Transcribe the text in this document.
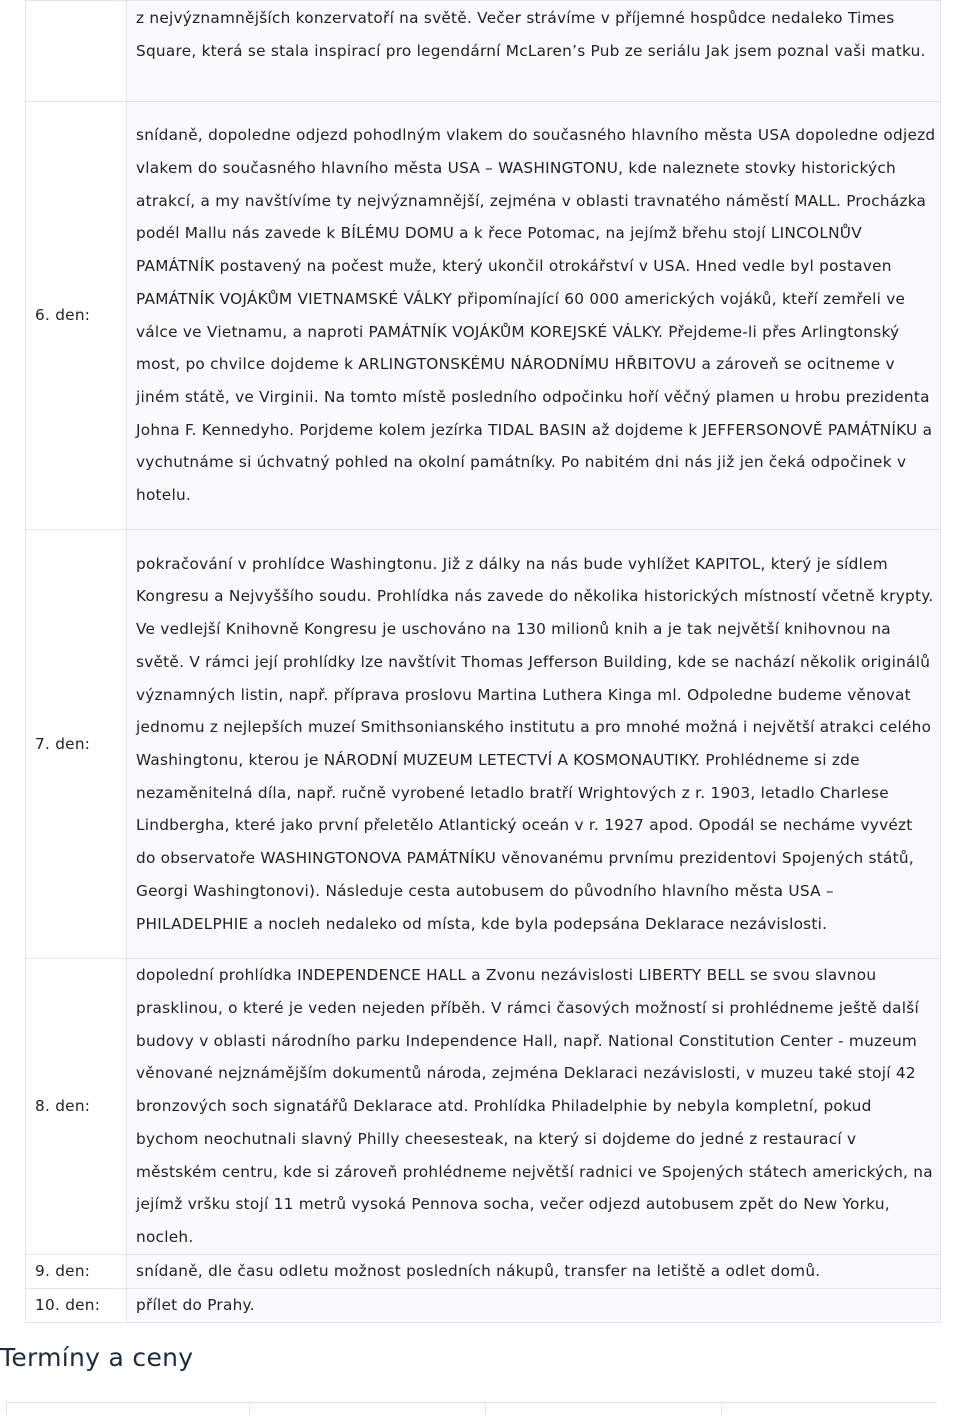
	z nejvýznamnějších konzervatoří na světě. Večer strávíme v příjemné hospůdce nedaleko Times Square, která se stala inspirací pro legendární McLaren’s Pub ze seriálu Jak jsem poznal vaši matku.
6. den:	snídaně, dopoledne odjezd pohodlným vlakem do současného hlavního města USA dopoledne odjezd vlakem do současného hlavního města USA – WASHINGTONU, kde naleznete stovky historických atrakcí, a my navštívíme ty nejvýznamnější, zejména v oblasti travnatého náměstí MALL. Procházka podél Mallu nás zavede k BÍLÉMU DOMU a k řece Potomac, na jejímž břehu stojí LINCOLNŮV PAMÁTNÍK postavený na počest muže, který ukončil otrokářství v USA. Hned vedle byl postaven PAMÁTNÍK VOJÁKŮM VIETNAMSKÉ VÁLKY připomínající 60 000 amerických vojáků, kteří zemřeli ve válce ve Vietnamu, a naproti PAMÁTNÍK VOJÁKŮM KOREJSKÉ VÁLKY. Přejdeme-li přes Arlingtonský most, po chvilce dojdeme k ARLINGTONSKÉMU NÁRODNÍMU HŘBITOVU a zároveň se ocitneme v jiném státě, ve Virginii. Na tomto místě posledního odpočinku hoří věčný plamen u hrobu prezidenta Johna F. Kennedyho. Porjdeme kolem jezírka TIDAL BASIN až dojdeme k JEFFERSONOVĚ PAMÁTNÍKU a vychutnáme si úchvatný pohled na okolní památníky. Po nabitém dni nás již jen čeká odpočinek v hotelu.
7. den:	pokračování v prohlídce Washingtonu. Již z dálky na nás bude vyhlížet KAPITOL, který je sídlem Kongresu a Nejvyššího soudu. Prohlídka nás zavede do několika historických místností včetně krypty. Ve vedlejší Knihovně Kongresu je uschováno na 130 milionů knih a je tak největší knihovnou na světě. V rámci její prohlídky lze navštívit Thomas Jefferson Building, kde se nachází několik originálů významných listin, např. příprava proslovu Martina Luthera Kinga ml. Odpoledne budeme věnovat jednomu z nejlepších muzeí Smithsonianského institutu a pro mnohé možná i největší atrakci celého Washingtonu, kterou je NÁRODNÍ MUZEUM LETECTVÍ A KOSMONAUTIKY. Prohlédneme si zde nezaměnitelná díla, např. ručně vyrobené letadlo bratří Wrightových z r. 1903, letadlo Charlese Lindbergha, které jako první přeletělo Atlantický oceán v r. 1927 apod. Opodál se necháme vyvézt do observatoře WASHINGTONOVA PAMÁTNÍKU věnovanému prvnímu prezidentovi Spojených států, Georgi Washingtonovi). Následuje cesta autobusem do původního hlavního města USA – PHILADELPHIE a nocleh nedaleko od místa, kde byla podepsána Deklarace nezávislosti.
8. den:	dopolední prohlídka INDEPENDENCE HALL a Zvonu nezávislosti LIBERTY BELL se svou slavnou prasklinou, o které je veden nejeden příběh. V rámci časových možností si prohlédneme ještě další budovy v oblasti národního parku Independence Hall, např. National Constitution Center - muzeum věnované nejznámějším dokumentů národa, zejména Deklaraci nezávislosti, v muzeu také stojí 42 bronzových soch signatářů Deklarace atd. Prohlídka Philadelphie by nebyla kompletní, pokud bychom neochutnali slavný Philly cheesesteak, na který si dojdeme do jedné z restaurací v městském centru, kde si zároveň prohlédneme největší radnici ve Spojených státech amerických, na jejímž vršku stojí 11 metrů vysoká Pennova socha, večer odjezd autobusem zpět do New Yorku, nocleh.
9. den:	snídaně, dle času odletu možnost posledních nákupů, transfer na letiště a odlet domů.
10. den:	přílet do Prahy.
Termíny a ceny
